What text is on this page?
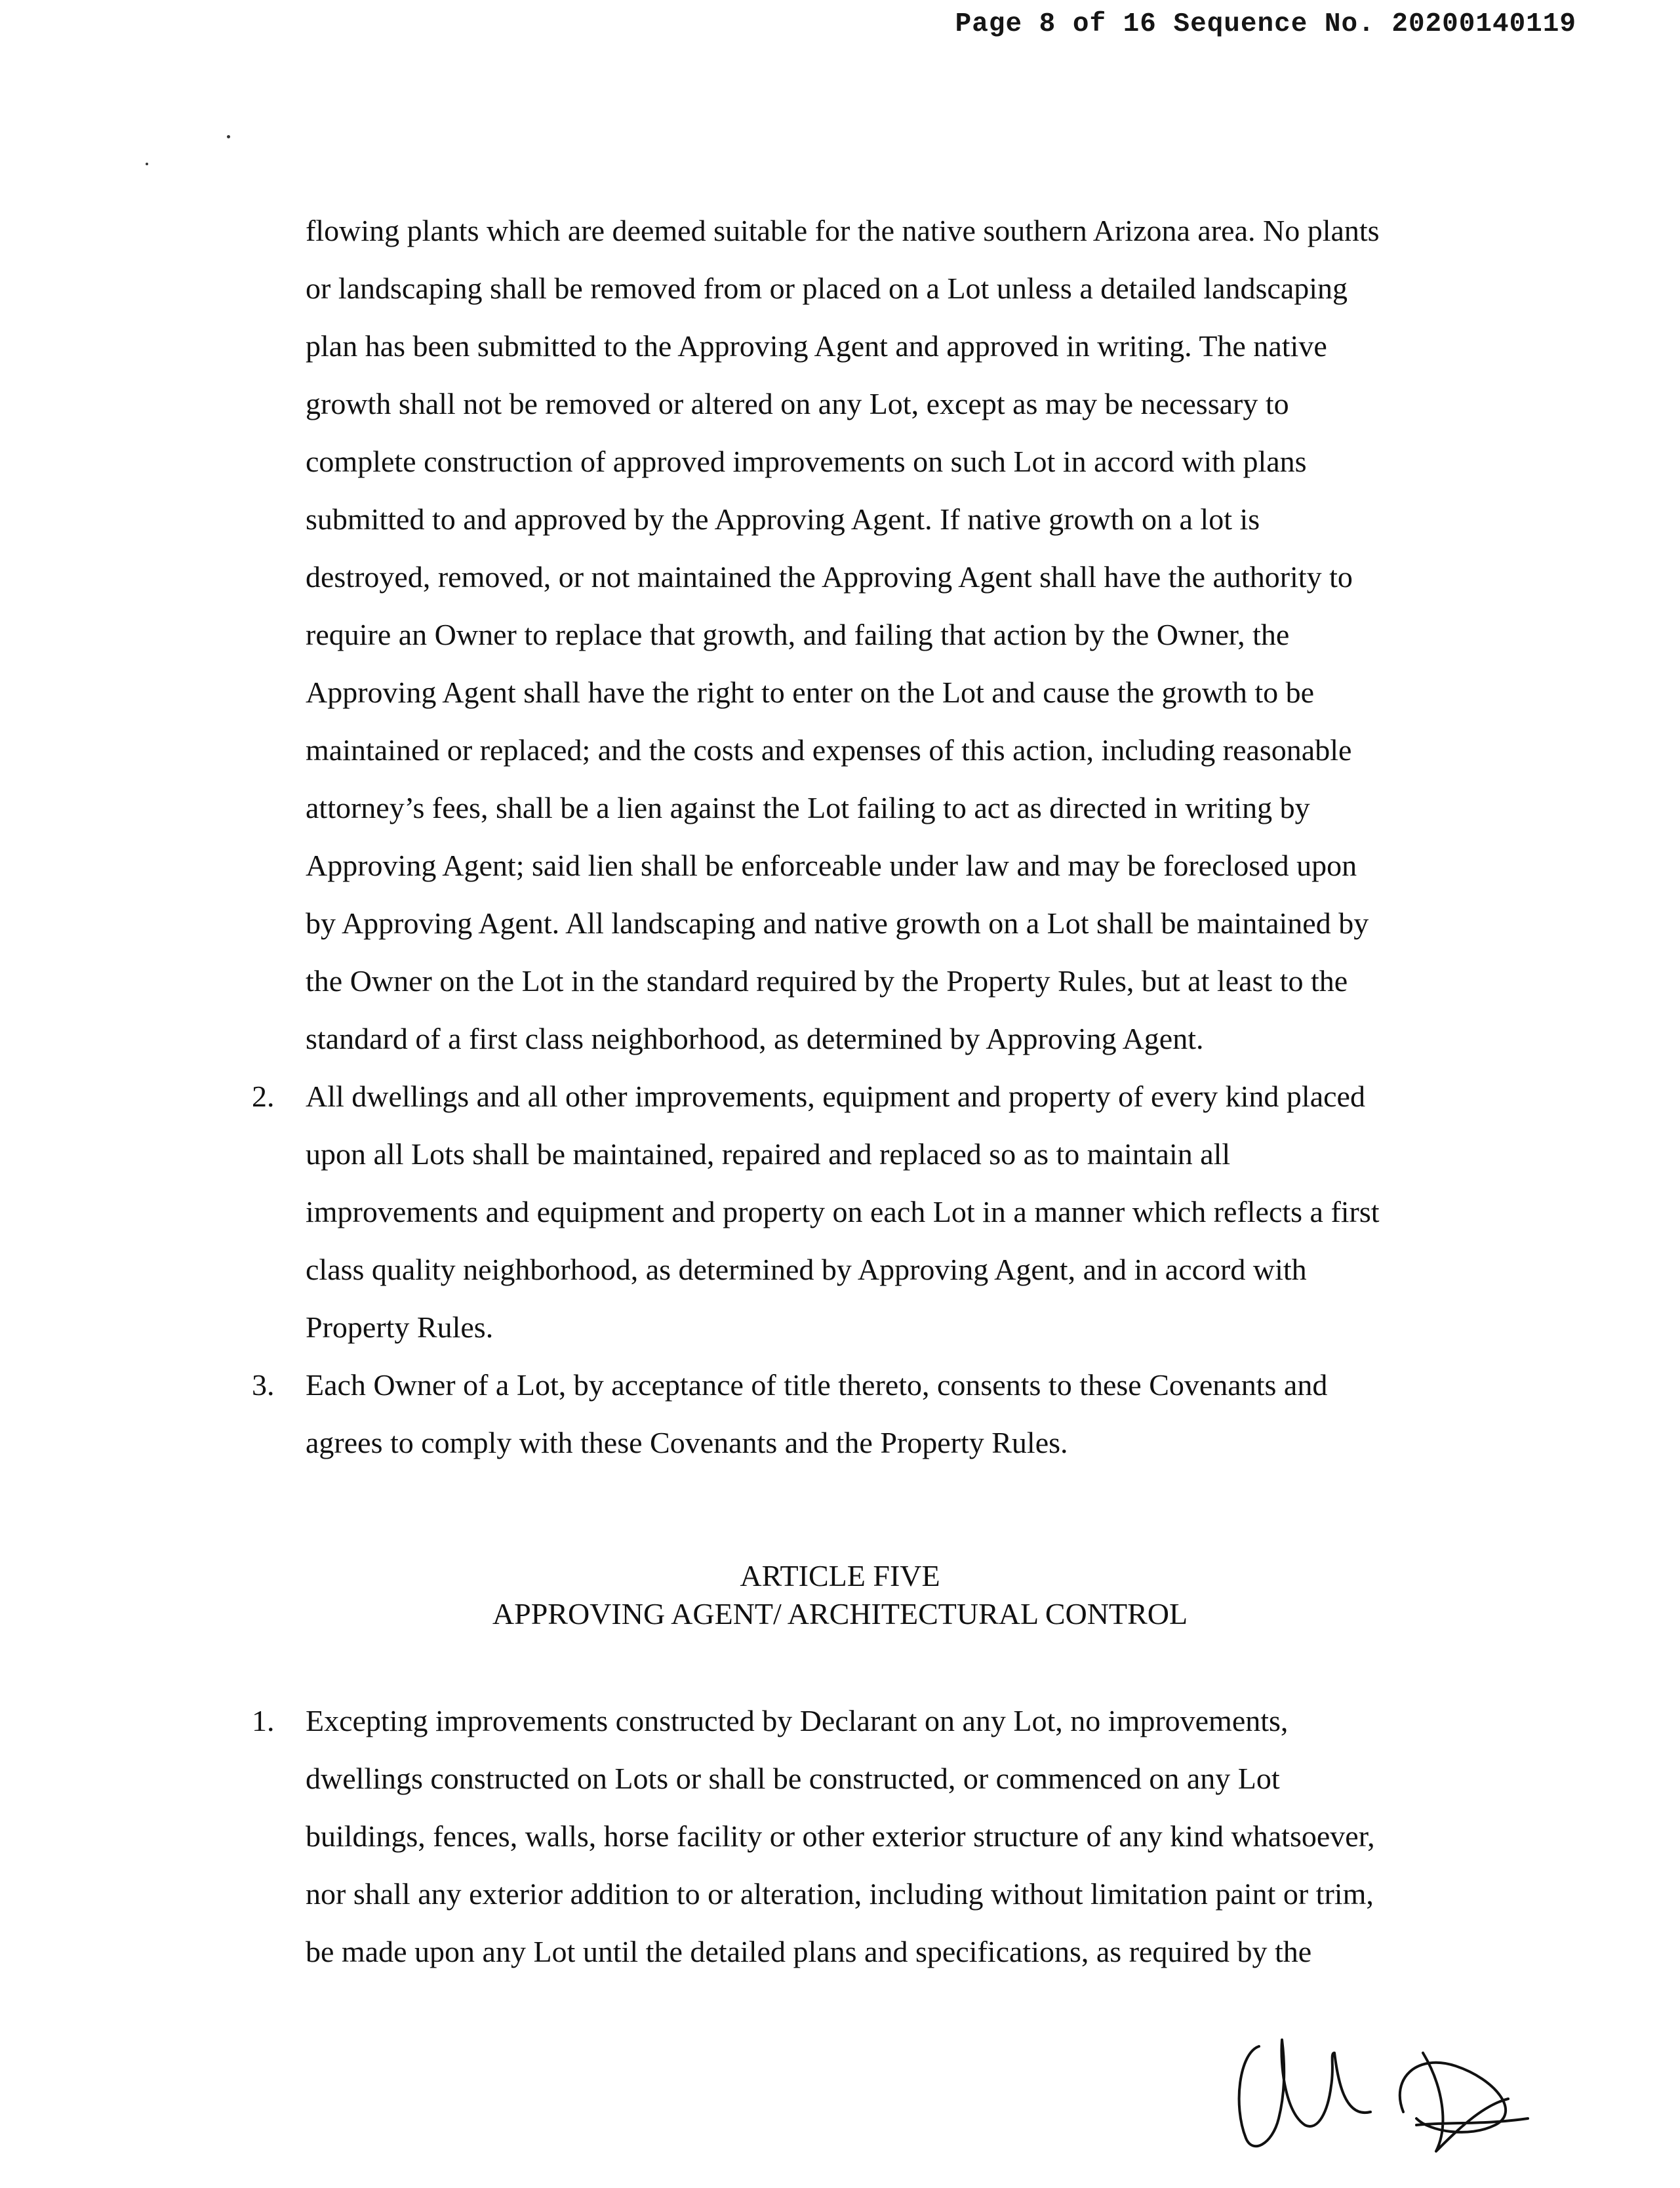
Page 8 of 16 Sequence No. 20200140119
flowing plants which are deemed suitable for the native southern Arizona area. No plants
or landscaping shall be removed from or placed on a Lot unless a detailed landscaping
plan has been submitted to the Approving Agent and approved in writing. The native
growth shall not be removed or altered on any Lot, except as may be necessary to
complete construction of approved improvements on such Lot in accord with plans
submitted to and approved by the Approving Agent. If native growth on a lot is
destroyed, removed, or not maintained the Approving Agent shall have the authority to
require an Owner to replace that growth, and failing that action by the Owner, the
Approving Agent shall have the right to enter on the Lot and cause the growth to be
maintained or replaced; and the costs and expenses of this action, including reasonable
attorney’s fees, shall be a lien against the Lot failing to act as directed in writing by
Approving Agent; said lien shall be enforceable under law and may be foreclosed upon
by Approving Agent. All landscaping and native growth on a Lot shall be maintained by
the Owner on the Lot in the standard required by the Property Rules, but at least to the
standard of a first class neighborhood, as determined by Approving Agent.
2. All dwellings and all other improvements, equipment and property of every kind placed
upon all Lots shall be maintained, repaired and replaced so as to maintain all
improvements and equipment and property on each Lot in a manner which reflects a first
class quality neighborhood, as determined by Approving Agent, and in accord with
Property Rules.
3. Each Owner of a Lot, by acceptance of title thereto, consents to these Covenants and
agrees to comply with these Covenants and the Property Rules.
ARTICLE FIVE
APPROVING AGENT/ ARCHITECTURAL CONTROL
1. Excepting improvements constructed by Declarant on any Lot, no improvements,
dwellings constructed on Lots or shall be constructed, or commenced on any Lot
buildings, fences, walls, horse facility or other exterior structure of any kind whatsoever,
nor shall any exterior addition to or alteration, including without limitation paint or trim,
be made upon any Lot until the detailed plans and specifications, as required by the
